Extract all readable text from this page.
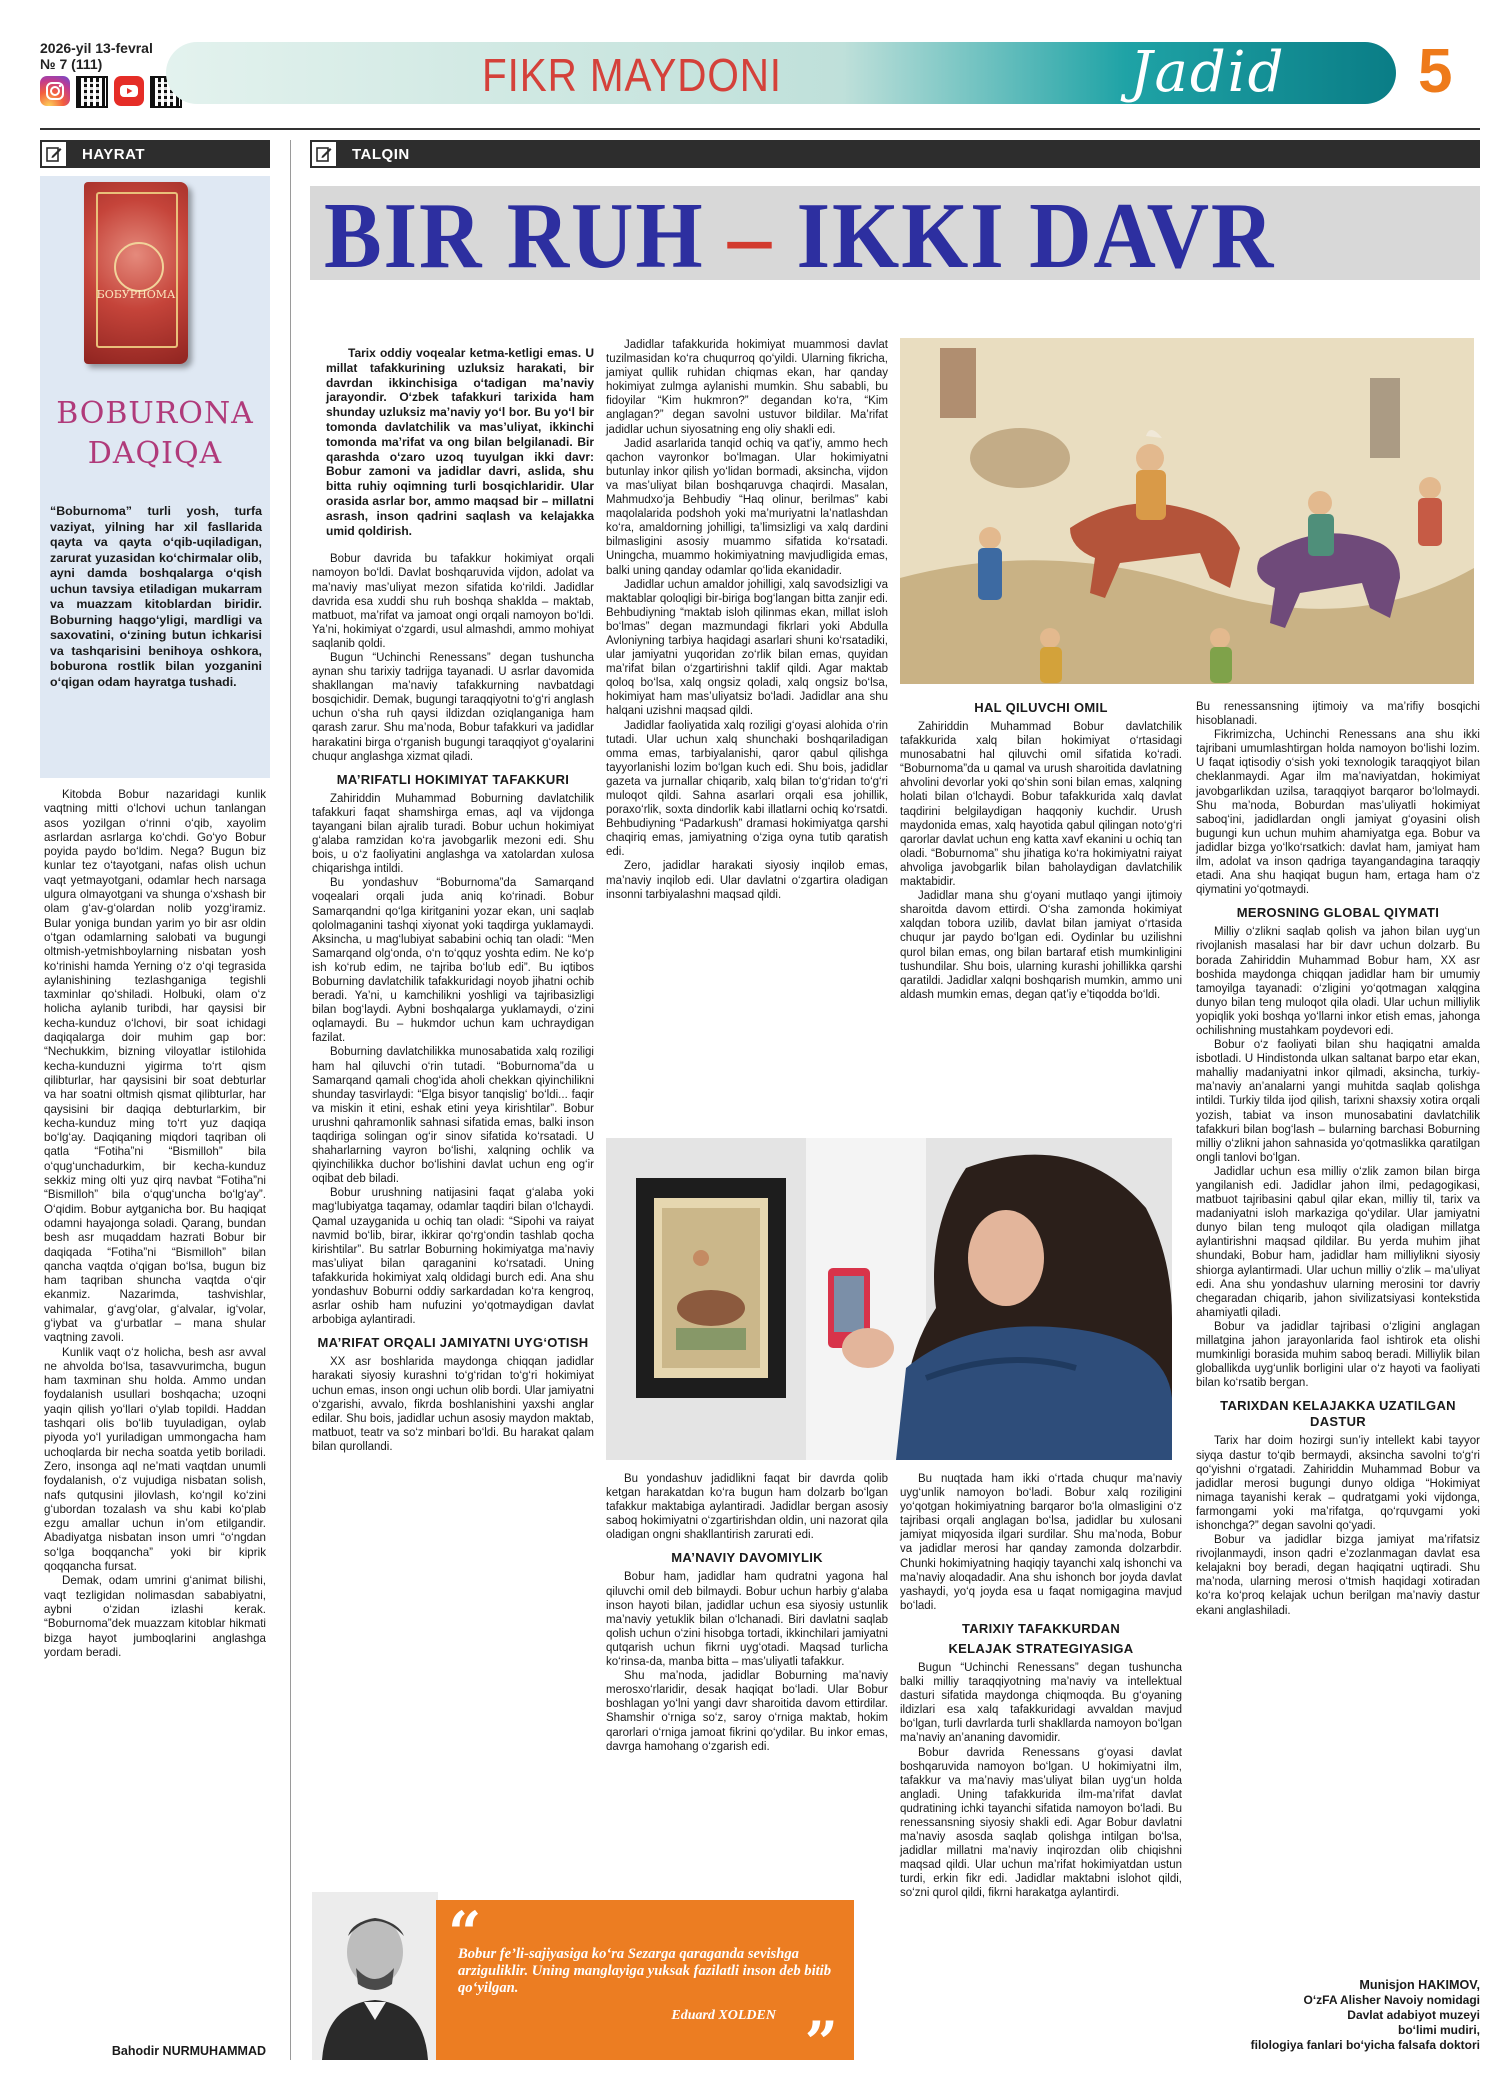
2026-yil 13-fevral
№ 7 (111)	FIKR MAYDONI	Jadid 5
HAYRAT	TALQIN
БОБУРНОМА
BOBURONA
DAQIQA
“Boburnoma” turli yosh, turfa vaziyat, yilning har xil fasllarida qayta va qayta o‘qib-uqiladigan, zarurat yuzasidan ko‘chirmalar olib, ayni damda boshqalarga o‘qish uchun tavsiya etiladigan mukarram va muazzam kitoblardan biridir. Boburning haqgo‘yligi, mardligi va saxovatini, o‘zining butun ichkarisi va tashqarisini benihoya oshkora, boburona rostlik bilan yozganini o‘qigan odam hayratga tushadi.

Kitobda Bobur nazaridagi kunlik vaqtning mitti o‘lchovi uchun tanlangan asos yozilgan o‘rinni o‘qib, xayolim asrlardan asrlarga ko‘chdi. Go‘yo Bobur poyida paydo bo‘ldim. Nega? Bugun biz kunlar tez o‘tayotgani, nafas olish uchun vaqt yetmayotgani, odamlar hech narsaga ulgura olmayotgani va shunga o‘xshash bir olam g‘av-g‘olardan nolib yozg‘iramiz. Bular yoniga bundan yarim yo bir asr oldin o‘tgan odamlarning salobati va bugungi oltmish-yetmishboylarning nisbatan yosh ko‘rinishi hamda Yerning o‘z o‘qi tegrasida aylanishining tezlashganiga tegishli taxminlar qo‘shiladi. Holbuki, olam o‘z holicha aylanib turibdi, har qaysisi bir kecha-kunduz o‘lchovi, bir soat ichidagi daqiqalarga doir muhim gap bor: “Nechukkim, bizning viloyatlar istilohida kecha-kunduzni yigirma to‘rt qism qilibturlar, har qaysisini bir soat debturlar va har soatni oltmish qismat qilibturlar, har qaysisini bir daqiqa debturlarkim, bir kecha-kunduz ming to‘rt yuz daqiqa bo‘lg‘ay. Daqiqaning miqdori taqriban oli qatla “Fotiha”ni “Bismilloh” bila o‘qug‘unchadurkim, bir kecha-kunduz sekkiz ming olti yuz qirq navbat “Fotiha”ni “Bismilloh” bila o‘qug‘uncha bo‘lg‘ay”. O‘qidim. Bobur aytganicha bor. Bu haqiqat odamni hayajonga soladi. Qarang, bundan besh asr muqaddam hazrati Bobur bir daqiqada “Fotiha”ni “Bismilloh” bilan qancha vaqtda o‘qigan bo‘lsa, bugun biz ham taqriban shuncha vaqtda o‘qir ekanmiz. Nazarimda, tashvishlar, vahimalar, g‘avg‘olar, g‘alvalar, ig‘volar, g‘iybat va g‘urbatlar – mana shular vaqtning zavoli.

Kunlik vaqt o‘z holicha, besh asr avval ne ahvolda bo‘lsa, tasavvurimcha, bugun ham taxminan shu holda. Ammo undan foydalanish usullari boshqacha; uzoqni yaqin qilish yo‘llari o‘ylab topildi. Haddan tashqari olis bo‘lib tuyuladigan, oylab piyoda yo‘l yuriladigan ummongacha ham uchoqlarda bir necha soatda yetib boriladi. Zero, insonga aql ne’mati vaqtdan unumli foydalanish, o‘z vujudiga nisbatan solish, nafs qutqusini jilovlash, ko‘ngil ko‘zini g‘ubordan tozalash va shu kabi ko‘plab ezgu amallar uchun in’om etilgandir. Abadiyatga nisbatan inson umri “o‘ngdan so‘lga boqqancha” yoki bir kiprik qoqqancha fursat.

Demak, odam umrini g‘animat bilishi, vaqt tezligidan nolimasdan sababiyatni, aybni o‘zidan izlashi kerak. “Boburnoma”dek muazzam kitoblar hikmati bizga hayot jumboqlarini anglashga yordam beradi.

Bahodir NURMUHAMMAD
BIR RUH – IKKI DAVR

Tarix oddiy voqealar ketma-ketligi emas. U millat tafakkurining uzluksiz harakati, bir davrdan ikkinchisiga o‘tadigan ma’naviy jarayondir. O‘zbek tafakkuri tarixida ham shunday uzluksiz ma’naviy yo‘l bor. Bu yo‘l bir tomonda davlatchilik va mas’uliyat, ikkinchi tomonda ma’rifat va ong bilan belgilanadi. Bir qarashda o‘zaro uzoq tuyulgan ikki davr: Bobur zamoni va jadidlar davri, aslida, shu bitta ruhiy oqimning turli bosqichlaridir. Ular orasida asrlar bor, ammo maqsad bir – millatni asrash, inson qadrini saqlash va kelajakka umid qoldirish.

Bobur davrida bu tafakkur hokimiyat orqali namoyon bo‘ldi. Davlat boshqaruvida vijdon, adolat va ma’naviy mas’uliyat mezon sifatida ko‘rildi. Jadidlar davrida esa xuddi shu ruh boshqa shaklda – maktab, matbuot, ma’rifat va jamoat ongi orqali namoyon bo‘ldi. Ya’ni, hokimiyat o‘zgardi, usul almashdi, ammo mohiyat saqlanib qoldi.

Bugun “Uchinchi Renessans” degan tushuncha aynan shu tarixiy tadrijga tayanadi. U asrlar davomida shakllangan ma’naviy tafakkurning navbatdagi bosqichidir. Demak, bugungi taraqqiyotni to‘g‘ri anglash uchun o‘sha ruh qaysi ildizdan oziqlanganiga ham qarash zarur. Shu ma’noda, Bobur tafakkuri va jadidlar harakatini birga o‘rganish bugungi taraqqiyot g‘oyalarini chuqur anglashga xizmat qiladi.

MA’RIFATLI HOKIMIYAT TAFAKKURI

Zahiriddin Muhammad Boburning davlatchilik tafakkuri faqat shamshirga emas, aql va vijdonga tayangani bilan ajralib turadi. Bobur uchun hokimiyat g‘alaba ramzidan ko‘ra javobgarlik mezoni edi. Shu bois, u o‘z faoliyatini anglashga va xatolardan xulosa chiqarishga intildi.

Bu yondashuv “Boburnoma”da Samarqand voqealari orqali juda aniq ko‘rinadi. Bobur Samarqandni qo‘lga kiritganini yozar ekan, uni saqlab qololmaganini tashqi xiyonat yoki taqdirga yuklamaydi. Aksincha, u mag‘lubiyat sababini ochiq tan oladi: “Men Samarqand olg‘onda, o‘n to‘qquz yoshta edim. Ne ko‘p ish ko‘rub edim, ne tajriba bo‘lub edi”. Bu iqtibos Boburning davlatchilik tafakkuridagi noyob jihatni ochib beradi. Ya’ni, u kamchilikni yoshligi va tajribasizligi bilan bog‘laydi. Aybni boshqalarga yuklamaydi, o‘zini oqlamaydi. Bu – hukmdor uchun kam uchraydigan fazilat.

Boburning davlatchilikka munosabatida xalq roziligi ham hal qiluvchi o‘rin tutadi. “Boburnoma”da u Samarqand qamali chog‘ida aholi chekkan qiyinchilikni shunday tasvirlaydi: “Elga bisyor tanqislig‘ bo‘ldi... faqir va miskin it etini, eshak etini yeya kirishtilar”. Bobur urushni qahramonlik sahnasi sifatida emas, balki inson taqdiriga solingan og‘ir sinov sifatida ko‘rsatadi. U shaharlarning vayron bo‘lishi, xalqning ochlik va qiyinchilikka duchor bo‘lishini davlat uchun eng og‘ir oqibat deb biladi.

Bobur urushning natijasini faqat g‘alaba yoki mag‘lubiyatga taqamay, odamlar taqdiri bilan o‘lchaydi. Qamal uzayganida u ochiq tan oladi: “Sipohi va raiyat navmid bo‘lib, birar, ikkirar qo‘rg‘ondin tashlab qocha kirishtilar”. Bu satrlar Boburning hokimiyatga ma’naviy mas’uliyat bilan qaraganini ko‘rsatadi. Uning tafakkurida hokimiyat xalq oldidagi burch edi. Ana shu yondashuv Boburni oddiy sarkardadan ko‘ra kengroq, asrlar oshib ham nufuzini yo‘qotmaydigan davlat arbobiga aylantiradi.

MA’RIFAT ORQALI JAMIYATNI UYG‘OTISH

XX asr boshlarida maydonga chiqqan jadidlar harakati siyosiy kurashni to‘g‘ridan to‘g‘ri hokimiyat uchun emas, inson ongi uchun olib bordi. Ular jamiyatni o‘zgarishi, avvalo, fikrda boshlanishini yaxshi anglar edilar. Shu bois, jadidlar uchun asosiy maydon maktab, matbuot, teatr va so‘z minbari bo‘ldi. Bu harakat qalam bilan qurollandi.

Jadidlar tafakkurida hokimiyat muammosi davlat tuzilmasidan ko‘ra chuqurroq qo‘yildi. Ularning fikricha, jamiyat qullik ruhidan chiqmas ekan, har qanday hokimiyat zulmga aylanishi mumkin. Shu sababli, bu fidoyilar “Kim hukmron?” degandan ko‘ra, “Kim anglagan?” degan savolni ustuvor bildilar. Ma’rifat jadidlar uchun siyosatning eng oliy shakli edi.

Jadid asarlarida tanqid ochiq va qat’iy, ammo hech qachon vayronkor bo‘lmagan. Ular hokimiyatni butunlay inkor qilish yo‘lidan bormadi, aksincha, vijdon va mas’uliyat bilan boshqaruvga chaqirdi. Masalan, Mahmudxo‘ja Behbudiy “Haq olinur, berilmas” kabi maqolalarida podshoh yoki ma’muriyatni la’natlashdan ko‘ra, amaldorning johilligi, ta’limsizligi va xalq dardini bilmasligini asosiy muammo sifatida ko‘rsatadi. Uningcha, muammo hokimiyatning mavjudligida emas, balki uning qanday odamlar qo‘lida ekanidadir.

Jadidlar uchun amaldor johilligi, xalq savodsizligi va maktablar qoloqligi bir-biriga bog‘langan bitta zanjir edi. Behbudiyning “maktab isloh qilinmas ekan, millat isloh bo‘lmas” degan mazmundagi fikrlari yoki Abdulla Avloniyning tarbiya haqidagi asarlari shuni ko‘rsatadiki, ular jamiyatni yuqoridan zo‘rlik bilan emas, quyidan ma’rifat bilan o‘zgartirishni taklif qildi. Agar maktab qoloq bo‘lsa, xalq ongsiz qoladi, xalq ongsiz bo‘lsa, hokimiyat ham mas’uliyatsiz bo‘ladi. Jadidlar ana shu halqani uzishni maqsad qildi.

Jadidlar faoliyatida xalq roziligi g‘oyasi alohida o‘rin tutadi. Ular uchun xalq shunchaki boshqariladigan omma emas, tarbiyalanishi, qaror qabul qilishga tayyorlanishi lozim bo‘lgan kuch edi. Shu bois, jadidlar gazeta va jurnallar chiqarib, xalq bilan to‘g‘ridan to‘g‘ri muloqot qildi. Sahna asarlari orqali esa johillik, poraxo‘rlik, soxta dindorlik kabi illatlarni ochiq ko‘rsatdi. Behbudiyning “Padarkush” dramasi hokimiyatga qarshi chaqiriq emas, jamiyatning o‘ziga oyna tutib qaratish edi.

Zero, jadidlar harakati siyosiy inqilob emas, ma’naviy inqilob edi. Ular davlatni o‘zgartira oladigan insonni tarbiyalashni maqsad qildi.

HAL QILUVCHI OMIL

Zahiriddin Muhammad Bobur davlatchilik tafakkurida xalq bilan hokimiyat o‘rtasidagi munosabatni hal qiluvchi omil sifatida ko‘radi. “Boburnoma”da u qamal va urush sharoitida davlatning ahvolini devorlar yoki qo‘shin soni bilan emas, xalqning holati bilan o‘lchaydi. Bobur tafakkurida xalq davlat taqdirini belgilaydigan haqqoniy kuchdir. Urush maydonida emas, xalq hayotida qabul qilingan noto‘g‘ri qarorlar davlat uchun eng katta xavf ekanini u ochiq tan oladi. “Boburnoma” shu jihatiga ko‘ra hokimiyatni raiyat ahvoliga javobgarlik bilan baholaydigan davlatchilik maktabidir.

Jadidlar mana shu g‘oyani mutlaqo yangi ijtimoiy sharoitda davom ettirdi. O‘sha zamonda hokimiyat xalqdan tobora uzilib, davlat bilan jamiyat o‘rtasida chuqur jar paydo bo‘lgan edi. Oydinlar bu uzilishni qurol bilan emas, ong bilan bartaraf etish mumkinligini tushundilar. Shu bois, ularning kurashi johillikka qarshi qaratildi. Jadidlar xalqni boshqarish mumkin, ammo uni aldash mumkin emas, degan qat’iy e’tiqodda bo‘ldi.

Bu renessansning ijtimoiy va ma’rifiy bosqichi hisoblanadi.

Fikrimizcha, Uchinchi Renessans ana shu ikki tajribani umumlashtirgan holda namoyon bo‘lishi lozim. U faqat iqtisodiy o‘sish yoki texnologik taraqqiyot bilan cheklanmaydi. Agar ilm ma’naviyatdan, hokimiyat javobgarlikdan uzilsa, taraqqiyot barqaror bo‘lolmaydi. Shu ma’noda, Boburdan mas’uliyatli hokimiyat saboq‘ini, jadidlardan ongli jamiyat g‘oyasini olish bugungi kun uchun muhim ahamiyatga ega. Bobur va jadidlar bizga yo‘lko‘rsatkich: davlat ham, jamiyat ham ilm, adolat va inson qadriga tayangandagina taraqqiy etadi. Ana shu haqiqat bugun ham, ertaga ham o‘z qiymatini yo‘qotmaydi.

MEROSNING GLOBAL QIYMATI

Milliy o‘zlikni saqlab qolish va jahon bilan uyg‘un rivojlanish masalasi har bir davr uchun dolzarb. Bu borada Zahiriddin Muhammad Bobur ham, XX asr boshida maydonga chiqqan jadidlar ham bir umumiy tamoyilga tayanadi: o‘zligini yo‘qotmagan xalqgina dunyo bilan teng muloqot qila oladi. Ular uchun milliylik yopiqlik yoki boshqa yo‘llarni inkor etish emas, jahonga ochilishning mustahkam poydevori edi.

Bobur o‘z faoliyati bilan shu haqiqatni amalda isbotladi. U Hindistonda ulkan saltanat barpo etar ekan, mahalliy madaniyatni inkor qilmadi, aksincha, turkiy-ma’naviy an’analarni yangi muhitda saqlab qolishga intildi. Turkiy tilda ijod qilish, tarixni shaxsiy xotira orqali yozish, tabiat va inson munosabatini davlatchilik tafakkuri bilan bog‘lash – bularning barchasi Boburning milliy o‘zlikni jahon sahnasida yo‘qotmaslikka qaratilgan ongli tanlovi bo‘lgan.

Jadidlar uchun esa milliy o‘zlik zamon bilan birga yangilanish edi. Jadidlar jahon ilmi, pedagogikasi, matbuot tajribasini qabul qilar ekan, milliy til, tarix va madaniyatni isloh markaziga qo‘ydilar. Ular jamiyatni dunyo bilan teng muloqot qila oladigan millatga aylantirishni maqsad qildilar. Bu yerda muhim jihat shundaki, Bobur ham, jadidlar ham milliylikni siyosiy shiorga aylantirmadi. Ular uchun milliy o‘zlik – ma’uliyat edi. Ana shu yondashuv ularning merosini tor davriy chegaradan chiqarib, jahon sivilizatsiyasi kontekstida ahamiyatli qiladi.

Bobur va jadidlar tajribasi o‘zligini anglagan millatgina jahon jarayonlarida faol ishtirok eta olishi mumkinligi borasida muhim saboq beradi. Milliylik bilan globallikda uyg‘unlik borligini ular o‘z hayoti va faoliyati bilan ko‘rsatib bergan.

TARIXDAN KELAJAKKA UZATILGAN DASTUR

Tarix har doim hozirgi sun’iy intellekt kabi tayyor siyqa dastur to‘qib bermaydi, aksincha savolni to‘g‘ri qo‘yishni o‘rgatadi. Zahiriddin Muhammad Bobur va jadidlar merosi bugungi dunyo oldiga “Hokimiyat nimaga tayanishi kerak – qudratgami yoki vijdonga, farmongami yoki ma’rifatga, qo‘rquvgami yoki ishonchga?” degan savolni qo‘yadi.

Bobur va jadidlar bizga jamiyat ma’rifatsiz rivojlanmaydi, inson qadri e’zozlanmagan davlat esa kelajakni boy beradi, degan haqiqatni uqtiradi. Shu ma’noda, ularning merosi o‘tmish haqidagi xotiradan ko‘ra ko‘proq kelajak uchun berilgan ma’naviy dastur ekani anglashiladi.

Bu yondashuv jadidlikni faqat bir davrda qolib ketgan harakatdan ko‘ra bugun ham dolzarb bo‘lgan tafakkur maktabiga aylantiradi. Jadidlar bergan asosiy saboq hokimiyatni o‘zgartirishdan oldin, uni nazorat qila oladigan ongni shakllantirish zarurati edi.

MA’NAVIY DAVOMIYLIK

Bobur ham, jadidlar ham qudratni yagona hal qiluvchi omil deb bilmaydi. Bobur uchun harbiy g‘alaba inson hayoti bilan, jadidlar uchun esa siyosiy ustunlik ma’naviy yetuklik bilan o‘lchanadi. Biri davlatni saqlab qolish uchun o‘zini hisobga tortadi, ikkinchilari jamiyatni qutqarish uchun fikrni uyg‘otadi. Maqsad turlicha ko‘rinsa-da, manba bitta – mas’uliyatli tafakkur.

Shu ma’noda, jadidlar Boburning ma’naviy merosxo‘rlaridir, desak haqiqat bo‘ladi. Ular Bobur boshlagan yo‘lni yangi davr sharoitida davom ettirdilar. Shamshir o‘rniga so‘z, saroy o‘rniga maktab, hokim qarorlari o‘rniga jamoat fikrini qo‘ydilar. Bu inkor emas, davrga hamohang o‘zgarish edi.

Bu nuqtada ham ikki o‘rtada chuqur ma’naviy uyg‘unlik namoyon bo‘ladi. Bobur xalq roziligini yo‘qotgan hokimiyatning barqaror bo‘la olmasligini o‘z tajribasi orqali anglagan bo‘lsa, jadidlar bu xulosani jamiyat miqyosida ilgari surdilar. Shu ma’noda, Bobur va jadidlar merosi har qanday zamonda dolzarbdir. Chunki hokimiyatning haqiqiy tayanchi xalq ishonchi va ma’naviy aloqadadir. Ana shu ishonch bor joyda davlat yashaydi, yo‘q joyda esa u faqat nomigagina mavjud bo‘ladi.

TARIXIY TAFAKKURDAN
KELAJAK STRATEGIYASIGA

Bugun “Uchinchi Renessans” degan tushuncha balki milliy taraqqiyotning ma’naviy va intellektual dasturi sifatida maydonga chiqmoqda. Bu g‘oyaning ildizlari esa xalq tafakkuridagi avvaldan mavjud bo‘lgan, turli davrlarda turli shakllarda namoyon bo‘lgan ma’naviy an’ananing davomidir.

Bobur davrida Renessans g‘oyasi davlat boshqaruvida namoyon bo‘lgan. U hokimiyatni ilm, tafakkur va ma’naviy mas’uliyat bilan uyg‘un holda angladi. Uning tafakkurida ilm-ma’rifat davlat qudratining ichki tayanchi sifatida namoyon bo‘ladi. Bu renessansning siyosiy shakli edi. Agar Bobur davlatni ma’naviy asosda saqlab qolishga intilgan bo‘lsa, jadidlar millatni ma’naviy inqirozdan olib chiqishni maqsad qildi. Ular uchun ma’rifat hokimiyatdan ustun turdi, erkin fikr edi. Jadidlar maktabni islohot qildi, so‘zni qurol qildi, fikrni harakatga aylantirdi.

“
Bobur fe’li-sajiyasiga ko‘ra Sezarga qaraganda sevishga arziguliklir. Uning manglayiga yuksak fazilatli inson deb bitib qo‘yilgan.
Eduard XOLDEN ”
Munisjon HAKIMOV,
O‘zFA Alisher Navoiy nomidagi
Davlat adabiyot muzeyi
bo‘limi mudiri,
filologiya fanlari bo‘yicha falsafa doktori
